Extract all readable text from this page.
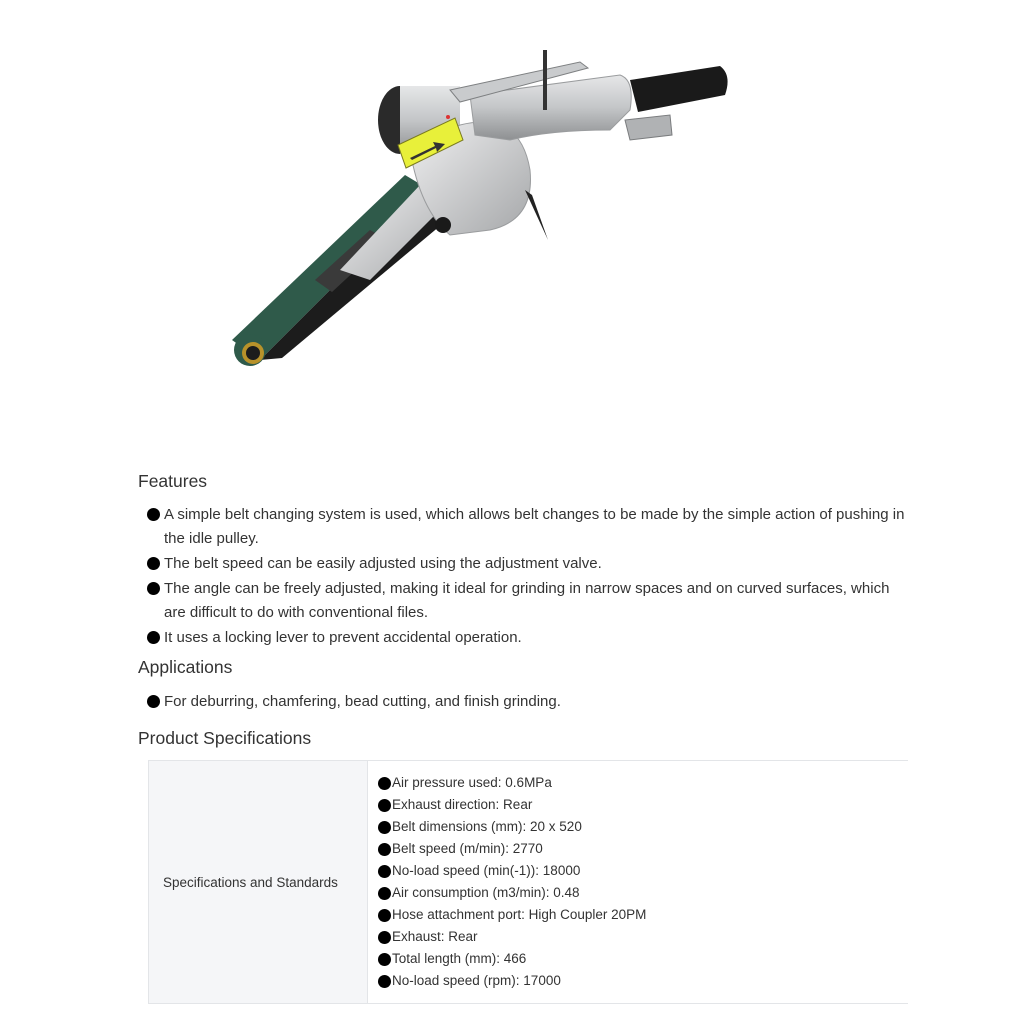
Features
A simple belt changing system is used, which allows belt changes to be made by the simple action of pushing in the idle pulley.
The belt speed can be easily adjusted using the adjustment valve.
The angle can be freely adjusted, making it ideal for grinding in narrow spaces and on curved surfaces, which are difficult to do with conventional files.
It uses a locking lever to prevent accidental operation.
Applications
For deburring, chamfering, bead cutting, and finish grinding.
Product Specifications
Specifications and Standards
Air pressure used: 0.6MPa
Exhaust direction: Rear
Belt dimensions (mm): 20 x 520
Belt speed (m/min): 2770
No-load speed (min(-1)): 18000
Air consumption (m3/min): 0.48
Hose attachment port: High Coupler 20PM
Exhaust: Rear
Total length (mm): 466
No-load speed (rpm): 17000
